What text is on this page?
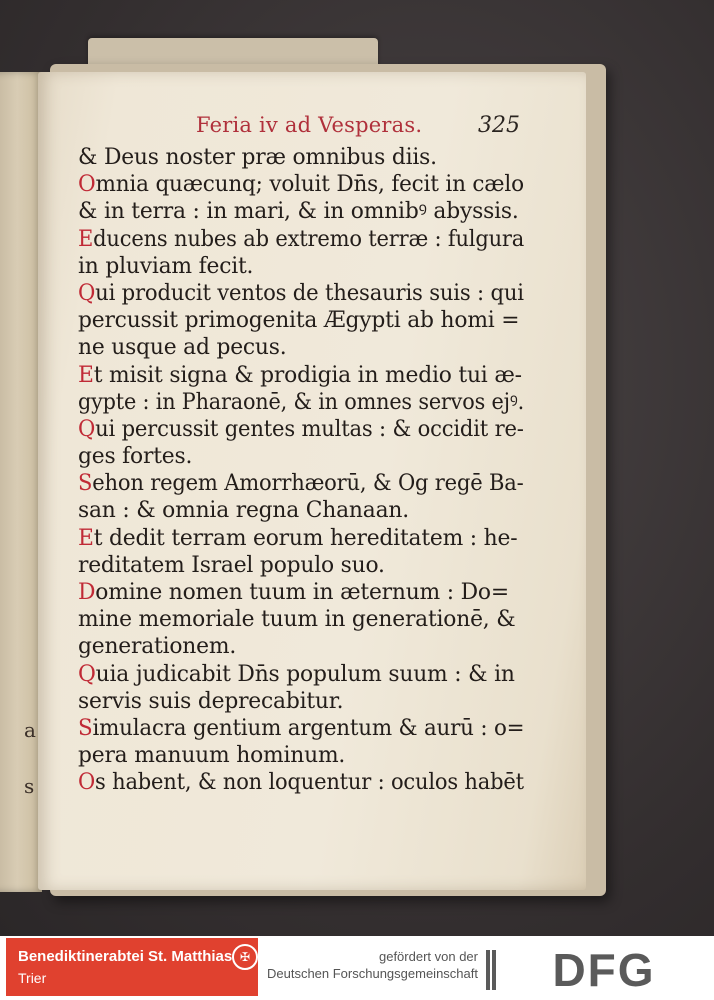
a
s
Feria iv ad Vesperas.	325
& Deus noster præ omnibus diis.
Omnia quæcunq; voluit Dn̄s, fecit in cælo
& in terra : in mari, & in omnibꝰ abyssis.
Educens nubes ab extremo terræ : fulgura
in pluviam fecit.
Qui producit ventos de thesauris suis : qui
percussit primogenita Ægypti ab homi =
ne usque ad pecus.
Et misit signa & prodigia in medio tui æ-
gypte : in Pharaonē, & in omnes servos ejꝰ.
Qui percussit gentes multas : & occidit re-
ges fortes.
Sehon regem Amorrhæorū, & Og regē Ba-
san : & omnia regna Chanaan.
Et dedit terram eorum hereditatem : he-
reditatem Israel populo suo.
Domine nomen tuum in æternum : Do=
mine memoriale tuum in generationē, &
generationem.
Quia judicabit Dn̄s populum suum : & in
servis suis deprecabitur.
Simulacra gentium argentum & aurū : o=
pera manuum hominum.
Os habent, & non loquentur : oculos habēt
Benediktinerabtei St. Matthias
Trier
✠	gefördert von der
Deutschen Forschungsgemeinschaft DFG
